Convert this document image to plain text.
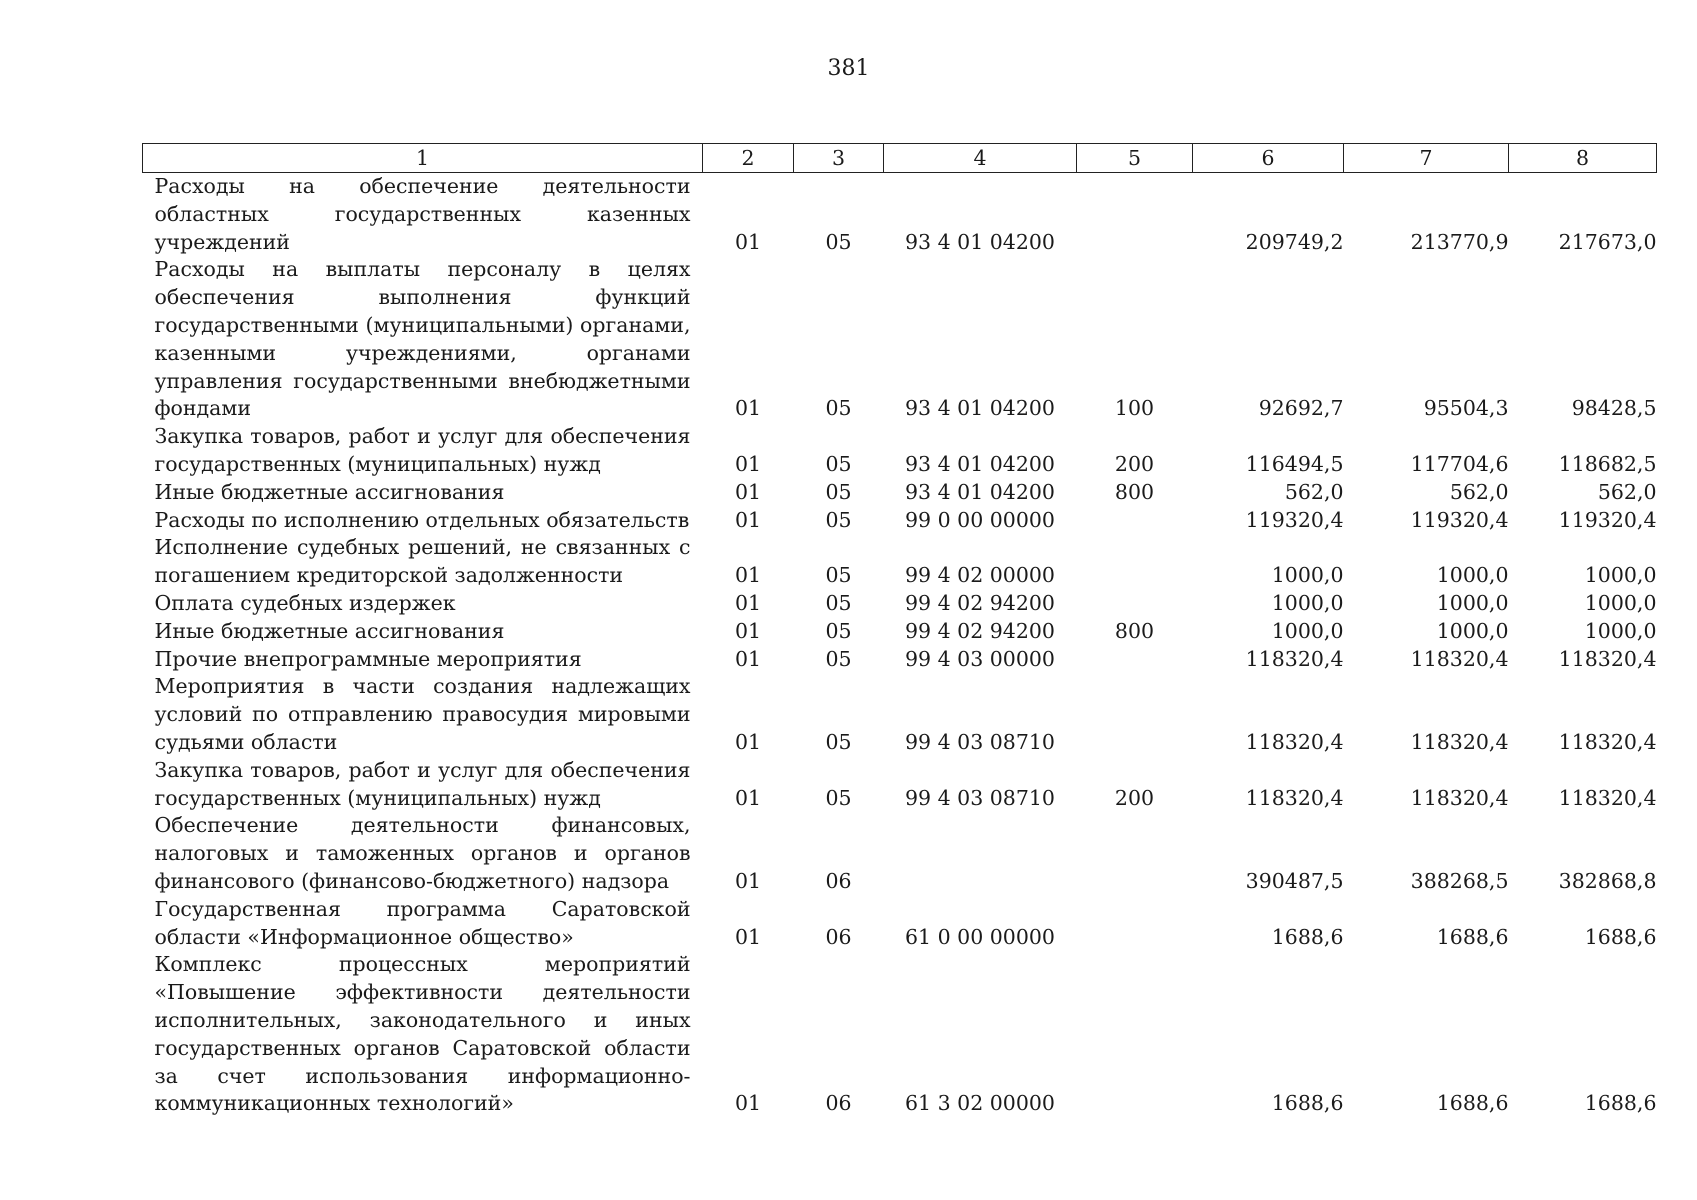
381
1	2	3	4	5	6	7	8
Расходы на обеспечение деятельности областных государственных казенных учреждений	01	05	93 4 01 04200		209749,2	213770,9	217673,0
Расходы на выплаты персоналу в целях обеспечения выполнения функций государственными (муниципальными) органами, казенными учреждениями, органами управления государственными внебюджетными фондами	01	05	93 4 01 04200	100	92692,7	95504,3	98428,5
Закупка товаров, работ и услуг для обеспечения государственных (муниципальных) нужд	01	05	93 4 01 04200	200	116494,5	117704,6	118682,5
Иные бюджетные ассигнования	01	05	93 4 01 04200	800	562,0	562,0	562,0
Расходы по исполнению отдельных обязательств	01	05	99 0 00 00000		119320,4	119320,4	119320,4
Исполнение судебных решений, не связанных с погашением кредиторской задолженности	01	05	99 4 02 00000		1000,0	1000,0	1000,0
Оплата судебных издержек	01	05	99 4 02 94200		1000,0	1000,0	1000,0
Иные бюджетные ассигнования	01	05	99 4 02 94200	800	1000,0	1000,0	1000,0
Прочие внепрограммные мероприятия	01	05	99 4 03 00000		118320,4	118320,4	118320,4
Мероприятия в части создания надлежащих условий по отправлению правосудия мировыми судьями области	01	05	99 4 03 08710		118320,4	118320,4	118320,4
Закупка товаров, работ и услуг для обеспечения государственных (муниципальных) нужд	01	05	99 4 03 08710	200	118320,4	118320,4	118320,4
Обеспечение деятельности финансовых, налоговых и таможенных органов и органов финансового (финансово-бюджетного) надзора	01	06			390487,5	388268,5	382868,8
Государственная программа Саратовской области «Информационное общество»	01	06	61 0 00 00000		1688,6	1688,6	1688,6
Комплекс процессных мероприятий «Повышение эффективности деятельности исполнительных, законодательного и иных государственных органов Саратовской области за счет использования информационно-коммуникационных технологий»	01	06	61 3 02 00000		1688,6	1688,6	1688,6
